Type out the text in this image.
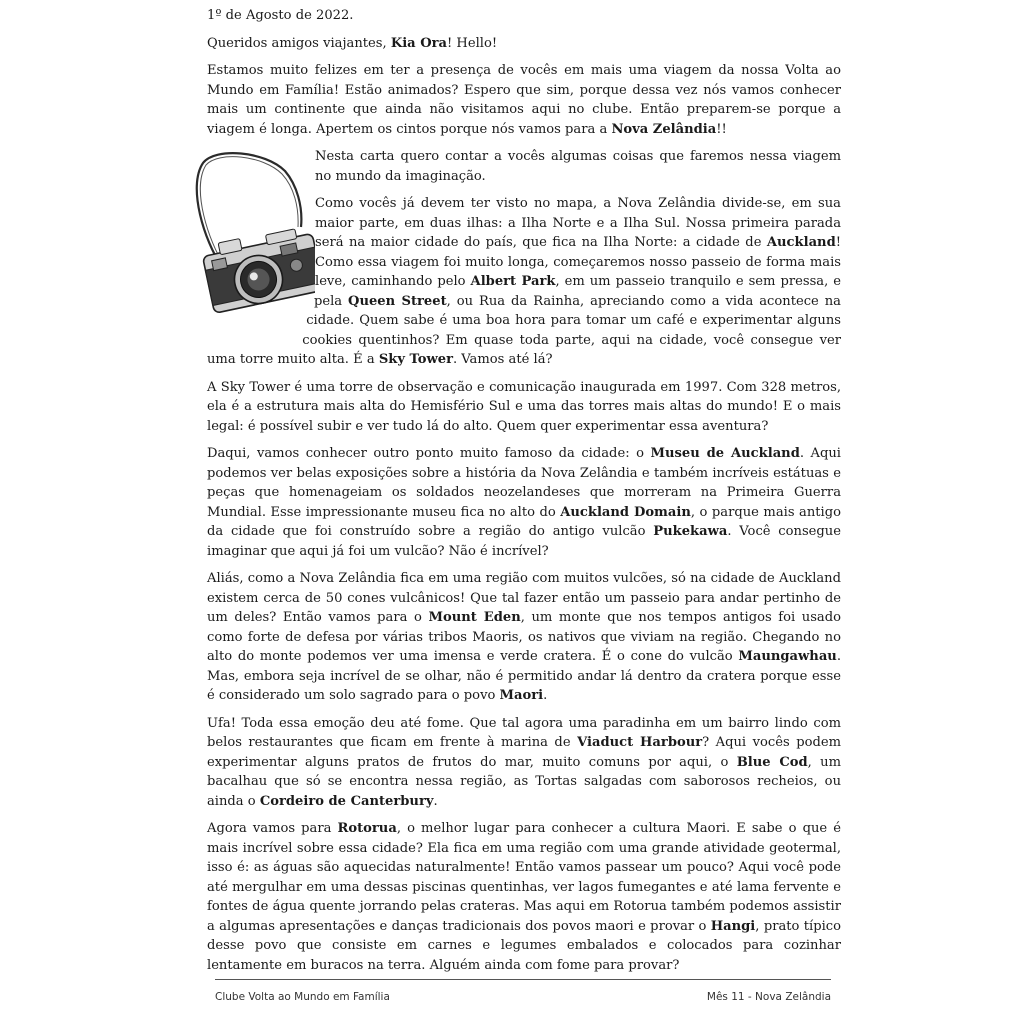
1º de Agosto de 2022.

Queridos amigos viajantes, Kia Ora! Hello!

Estamos muito felizes em ter a presença de vocês em mais uma viagem da nossa Volta ao Mundo em Família! Estão animados? Espero que sim, porque dessa vez nós vamos conhecer mais um continente que ainda não visitamos aqui no clube. Então preparem-se porque a viagem é longa. Apertem os cintos porque nós vamos para a Nova Zelândia!!

Nesta carta quero contar a vocês algumas coisas que faremos nessa viagem no mundo da imaginação.

Como vocês já devem ter visto no mapa, a Nova Zelândia divide-se, em sua maior parte, em duas ilhas: a Ilha Norte e a Ilha Sul. Nossa primeira parada será na maior cidade do país, que fica na Ilha Norte: a cidade de Auckland! Como essa viagem foi muito longa, começaremos nosso passeio de forma mais leve, caminhando pelo Albert Park, em um passeio tranquilo e sem pressa, e pela Queen Street, ou Rua da Rainha, apreciando como a vida acontece na cidade. Quem sabe é uma boa hora para tomar um café e experimentar alguns cookies quentinhos? Em quase toda parte, aqui na cidade, você consegue ver uma torre muito alta. É a Sky Tower. Vamos até lá?

A Sky Tower é uma torre de observação e comunicação inaugurada em 1997. Com 328 metros, ela é a estrutura mais alta do Hemisfério Sul e uma das torres mais altas do mundo! E o mais legal: é possível subir e ver tudo lá do alto. Quem quer experimentar essa aventura?

Daqui, vamos conhecer outro ponto muito famoso da cidade: o Museu de Auckland. Aqui podemos ver belas exposições sobre a história da Nova Zelândia e também incríveis estátuas e peças que homenageiam os soldados neozelandeses que morreram na Primeira Guerra Mundial. Esse impressionante museu fica no alto do Auckland Domain, o parque mais antigo da cidade que foi construído sobre a região do antigo vulcão Pukekawa. Você consegue imaginar que aqui já foi um vulcão? Não é incrível?

Aliás, como a Nova Zelândia fica em uma região com muitos vulcões, só na cidade de Auckland existem cerca de 50 cones vulcânicos! Que tal fazer então um passeio para andar pertinho de um deles? Então vamos para o Mount Eden, um monte que nos tempos antigos foi usado como forte de defesa por várias tribos Maoris, os nativos que viviam na região. Chegando no alto do monte podemos ver uma imensa e verde cratera. É o cone do vulcão Maungawhau. Mas, embora seja incrível de se olhar, não é permitido andar lá dentro da cratera porque esse é considerado um solo sagrado para o povo Maori.

Ufa! Toda essa emoção deu até fome. Que tal agora uma paradinha em um bairro lindo com belos restaurantes que ficam em frente à marina de Viaduct Harbour? Aqui vocês podem experimentar alguns pratos de frutos do mar, muito comuns por aqui, o Blue Cod, um bacalhau que só se encontra nessa região, as Tortas salgadas com saborosos recheios, ou ainda o Cordeiro de Canterbury.

Agora vamos para Rotorua, o melhor lugar para conhecer a cultura Maori. E sabe o que é mais incrível sobre essa cidade? Ela fica em uma região com uma grande atividade geotermal, isso é: as águas são aquecidas naturalmente! Então vamos passear um pouco? Aqui você pode até mergulhar em uma dessas piscinas quentinhas, ver lagos fumegantes e até lama fervente e fontes de água quente jorrando pelas crateras. Mas aqui em Rotorua também podemos assistir a algumas apresentações e danças tradicionais dos povos maori e provar o Hangi, prato típico desse povo que consiste em carnes e legumes embalados e colocados para cozinhar lentamente em buracos na terra. Alguém ainda com fome para provar?

Clube Volta ao Mundo em Família	Mês 11 - Nova Zelândia
